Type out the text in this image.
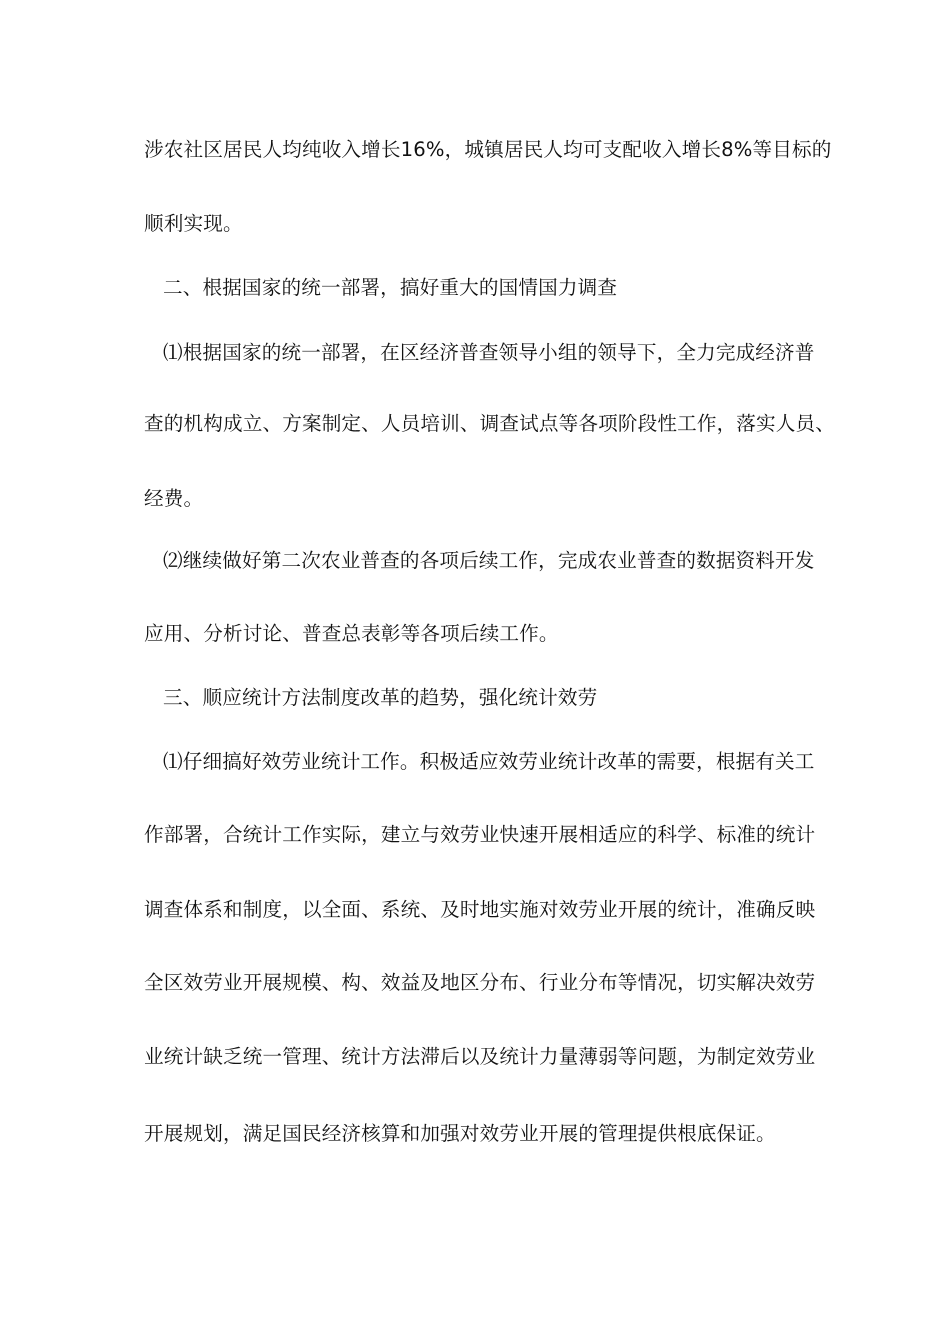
涉农社区居民人均纯收入增长16%，城镇居民人均可支配收入增长8%等目标的
顺利实现。
二、根据国家的统一部署，搞好重大的国情国力调查
⑴根据国家的统一部署，在区经济普查领导小组的领导下，全力完成经济普
查的机构成立、方案制定、人员培训、调查试点等各项阶段性工作，落实人员、
经费。
⑵继续做好第二次农业普查的各项后续工作，完成农业普查的数据资料开发
应用、分析讨论、普查总表彰等各项后续工作。
三、顺应统计方法制度改革的趋势，强化统计效劳
⑴仔细搞好效劳业统计工作。积极适应效劳业统计改革的需要，根据有关工
作部署，合统计工作实际，建立与效劳业快速开展相适应的科学、标准的统计
调查体系和制度，以全面、系统、及时地实施对效劳业开展的统计，准确反映
全区效劳业开展规模、构、效益及地区分布、行业分布等情况，切实解决效劳
业统计缺乏统一管理、统计方法滞后以及统计力量薄弱等问题，为制定效劳业
开展规划，满足国民经济核算和加强对效劳业开展的管理提供根底保证。
